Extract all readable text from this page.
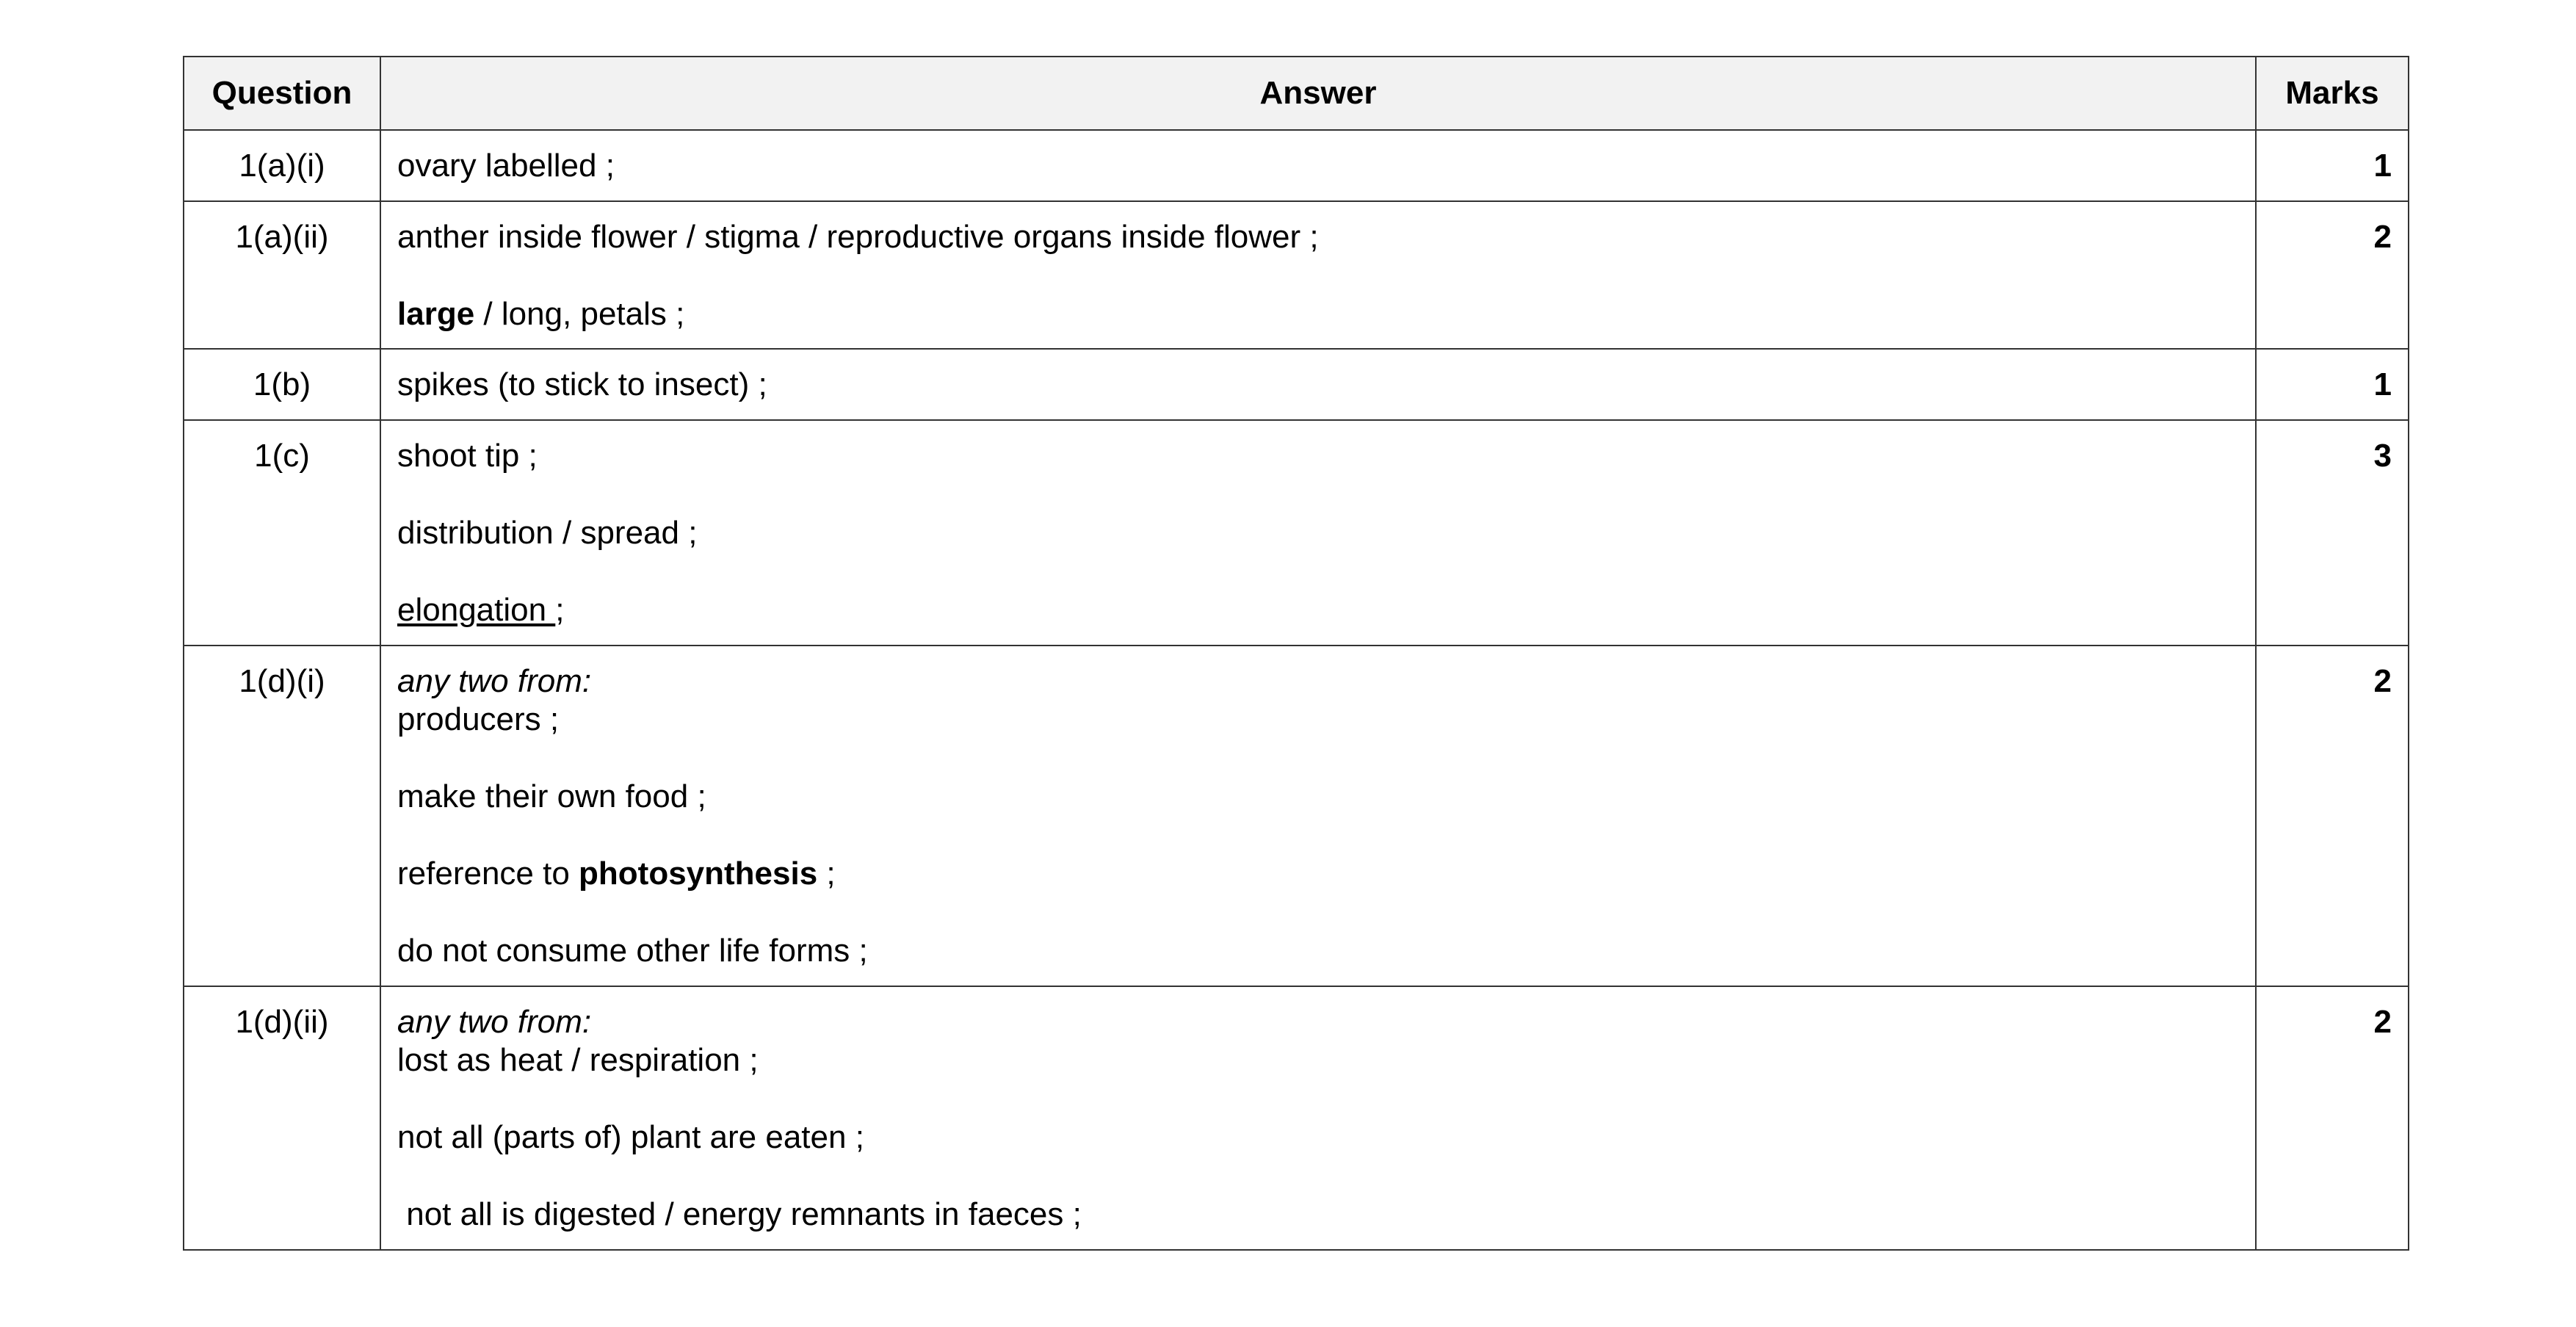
Question	Answer	Marks
1(a)(i)	ovary labelled ;	1
1(a)(ii)	anther inside flower / stigma / reproductive organs inside flower ;

large / long, petals ;	2
1(b)	spikes (to stick to insect) ;	1
1(c)	shoot tip ;

distribution / spread ;

elongation ;	3
1(d)(i)	any two from:

producers ;

make their own food ;

reference to photosynthesis ;

do not consume other life forms ;	2
1(d)(ii)	any two from:

lost as heat / respiration ;

not all (parts of) plant are eaten ;

not all is digested / energy remnants in faeces ;	2
